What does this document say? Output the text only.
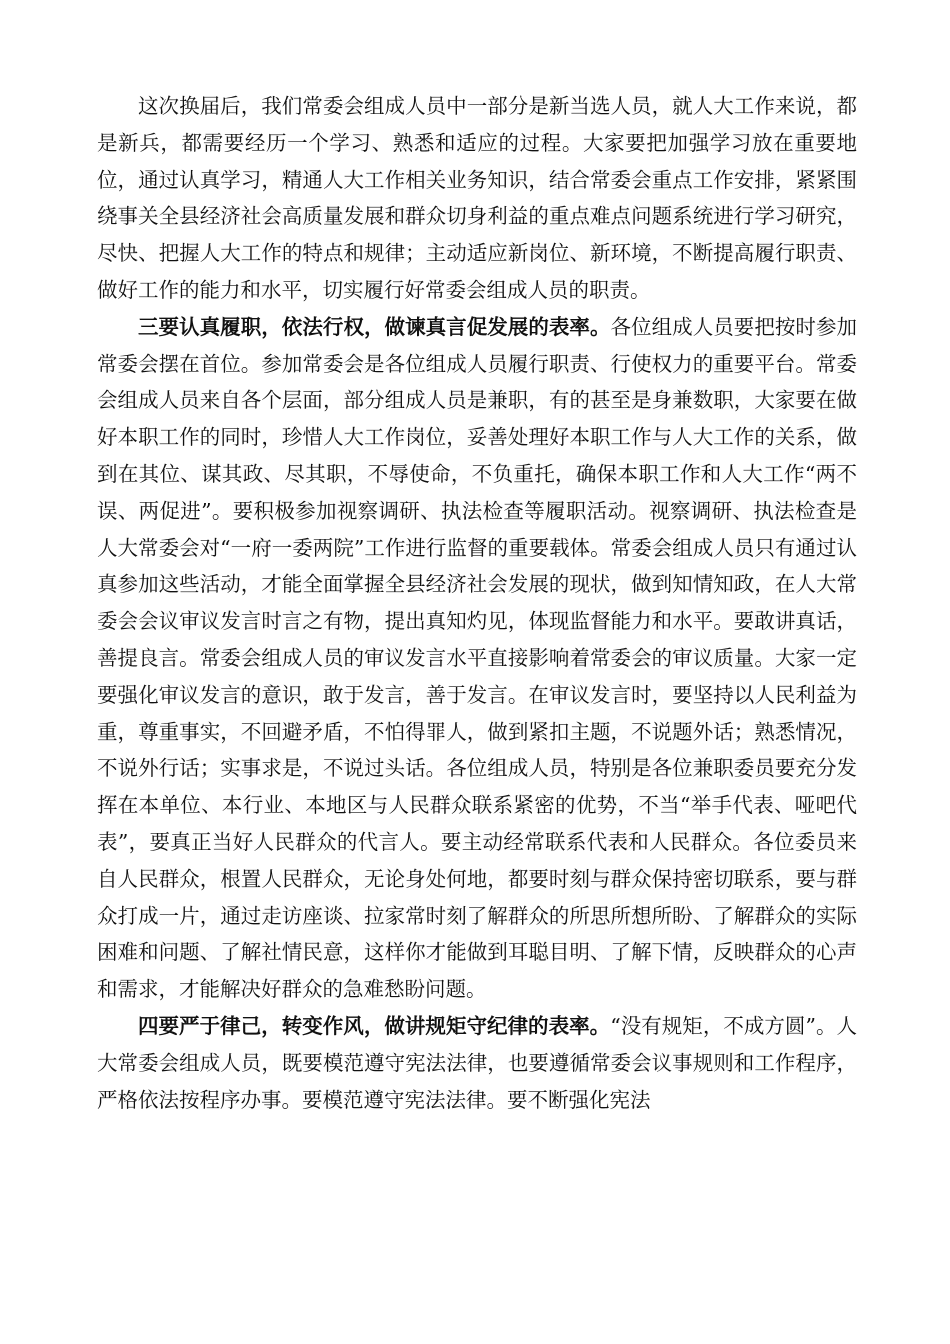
这次换届后，我们常委会组成人员中一部分是新当选人员，就人大工作来说，都是新兵，都需要经历一个学习、熟悉和适应的过程。大家要把加强学习放在重要地位，通过认真学习，精通人大工作相关业务知识，结合常委会重点工作安排，紧紧围绕事关全县经济社会高质量发展和群众切身利益的重点难点问题系统进行学习研究，尽快、把握人大工作的特点和规律；主动适应新岗位、新环境，不断提高履行职责、做好工作的能力和水平，切实履行好常委会组成人员的职责。

三要认真履职，依法行权，做谏真言促发展的表率。各位组成人员要把按时参加常委会摆在首位。参加常委会是各位组成人员履行职责、行使权力的重要平台。常委会组成人员来自各个层面，部分组成人员是兼职，有的甚至是身兼数职，大家要在做好本职工作的同时，珍惜人大工作岗位，妥善处理好本职工作与人大工作的关系，做到在其位、谋其政、尽其职，不辱使命，不负重托，确保本职工作和人大工作“两不误、两促进”。要积极参加视察调研、执法检查等履职活动。视察调研、执法检查是人大常委会对“一府一委两院”工作进行监督的重要载体。常委会组成人员只有通过认真参加这些活动，才能全面掌握全县经济社会发展的现状，做到知情知政，在人大常委会会议审议发言时言之有物，提出真知灼见，体现监督能力和水平。要敢讲真话，善提良言。常委会组成人员的审议发言水平直接影响着常委会的审议质量。大家一定要强化审议发言的意识，敢于发言，善于发言。在审议发言时，要坚持以人民利益为重，尊重事实，不回避矛盾，不怕得罪人，做到紧扣主题，不说题外话；熟悉情况，不说外行话；实事求是，不说过头话。各位组成人员，特别是各位兼职委员要充分发挥在本单位、本行业、本地区与人民群众联系紧密的优势，不当“举手代表、哑吧代表”，要真正当好人民群众的代言人。要主动经常联系代表和人民群众。各位委员来自人民群众，根置人民群众，无论身处何地，都要时刻与群众保持密切联系，要与群众打成一片，通过走访座谈、拉家常时刻了解群众的所思所想所盼、了解群众的实际困难和问题、了解社情民意，这样你才能做到耳聪目明、了解下情，反映群众的心声和需求，才能解决好群众的急难愁盼问题。

四要严于律己，转变作风，做讲规矩守纪律的表率。“没有规矩，不成方圆”。人大常委会组成人员，既要模范遵守宪法法律，也要遵循常委会议事规则和工作程序，严格依法按程序办事。要模范遵守宪法法律。要不断强化宪法
